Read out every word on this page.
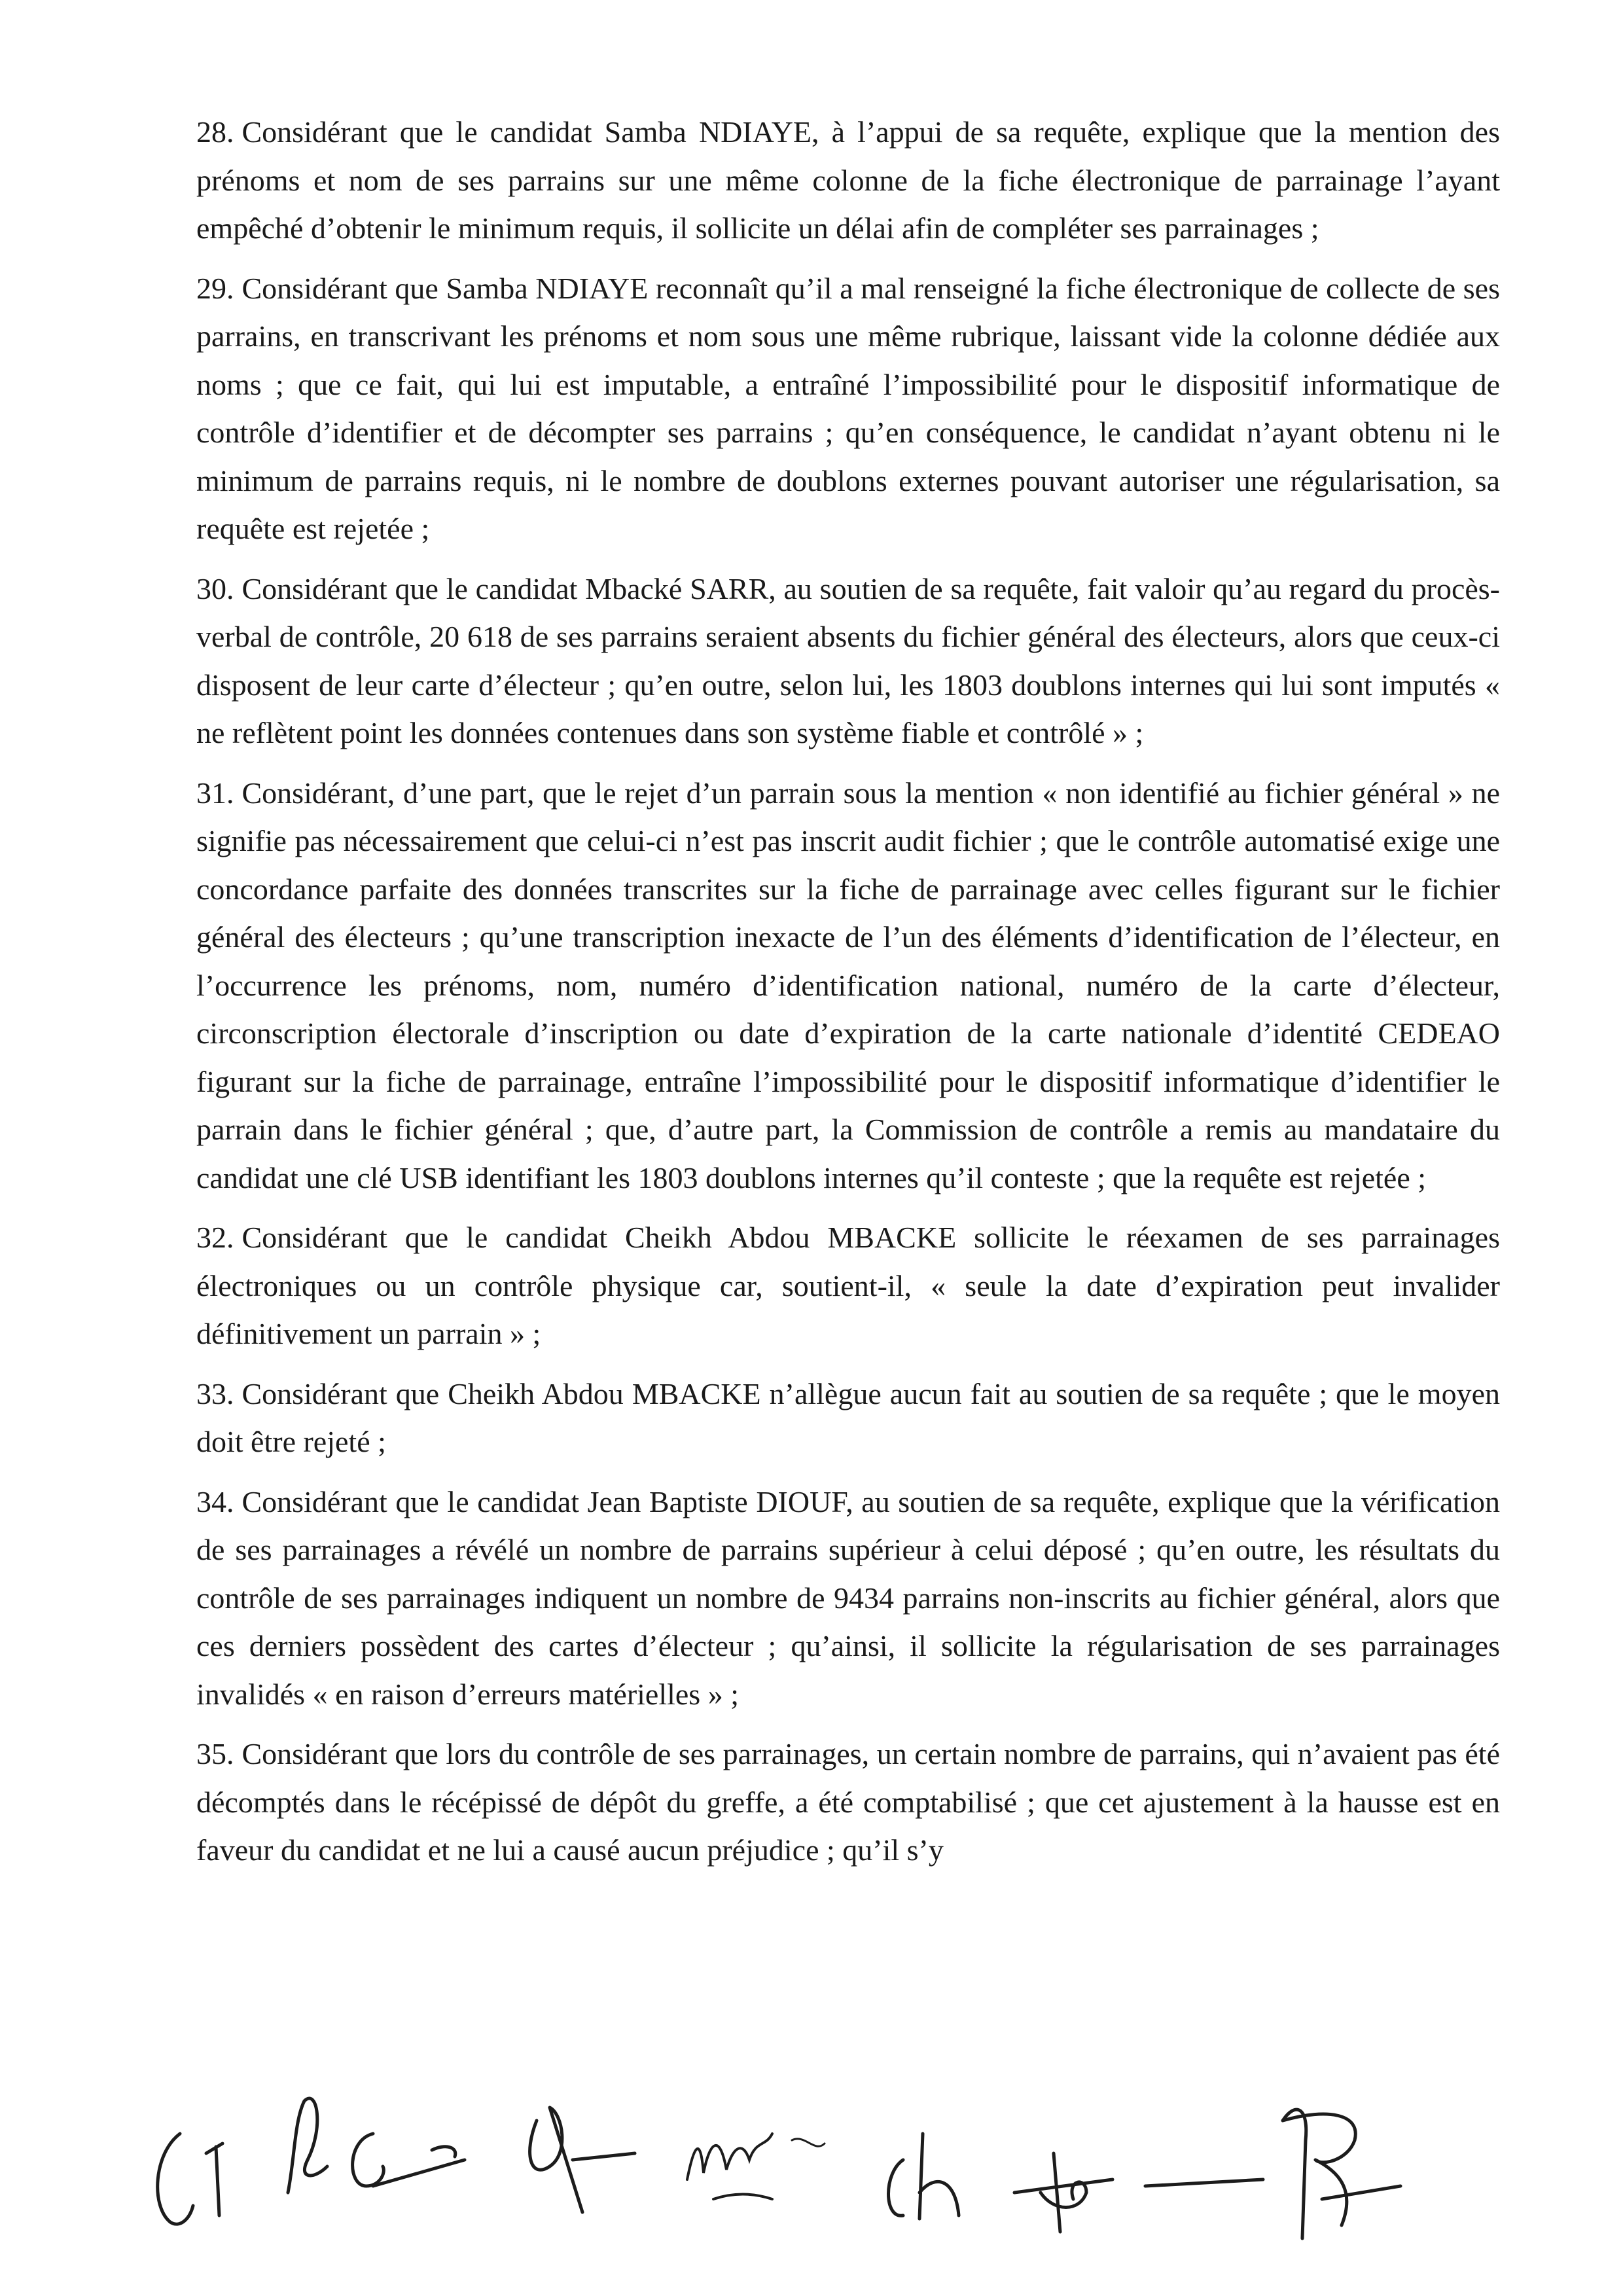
28. Considérant que le candidat Samba NDIAYE, à l’appui de sa requête, explique que la mention des prénoms et nom de ses parrains sur une même colonne de la fiche électronique de parrainage l’ayant empêché d’obtenir le minimum requis, il sollicite un délai afin de compléter ses parrainages ;

29. Considérant que Samba NDIAYE reconnaît qu’il a mal renseigné la fiche électronique de collecte de ses parrains, en transcrivant les prénoms et nom sous une même rubrique, laissant vide la colonne dédiée aux noms ; que ce fait, qui lui est imputable, a entraîné l’impossibilité pour le dispositif informatique de contrôle d’identifier et de décompter ses parrains ; qu’en conséquence, le candidat n’ayant obtenu ni le minimum de parrains requis, ni le nombre de doublons externes pouvant autoriser une régularisation, sa requête est rejetée ;

30. Considérant que le candidat Mbacké SARR, au soutien de sa requête, fait valoir qu’au regard du procès-verbal de contrôle, 20 618 de ses parrains seraient absents du fichier général des électeurs, alors que ceux-ci disposent de leur carte d’électeur ; qu’en outre, selon lui, les 1803 doublons internes qui lui sont imputés « ne reflètent point les données contenues dans son système fiable et contrôlé » ;

31. Considérant, d’une part, que le rejet d’un parrain sous la mention « non identifié au fichier général » ne signifie pas nécessairement que celui-ci n’est pas inscrit audit fichier ; que le contrôle automatisé exige une concordance parfaite des données transcrites sur la fiche de parrainage avec celles figurant sur le fichier général des électeurs ; qu’une transcription inexacte de l’un des éléments d’identification de l’électeur, en l’occurrence les prénoms, nom, numéro d’identification national, numéro de la carte d’électeur, circonscription électorale d’inscription ou date d’expiration de la carte nationale d’identité CEDEAO figurant sur la fiche de parrainage, entraîne l’impossibilité pour le dispositif informatique d’identifier le parrain dans le fichier général ; que, d’autre part, la Commission de contrôle a remis au mandataire du candidat une clé USB identifiant les 1803 doublons internes qu’il conteste ; que la requête est rejetée ;

32. Considérant que le candidat Cheikh Abdou MBACKE sollicite le réexamen de ses parrainages électroniques ou un contrôle physique car, soutient-il, « seule la date d’expiration peut invalider définitivement un parrain » ;

33. Considérant que Cheikh Abdou MBACKE n’allègue aucun fait au soutien de sa requête ; que le moyen doit être rejeté ;

34. Considérant que le candidat Jean Baptiste DIOUF, au soutien de sa requête, explique que la vérification de ses parrainages a révélé un nombre de parrains supérieur à celui déposé ; qu’en outre, les résultats du contrôle de ses parrainages indiquent un nombre de 9434 parrains non-inscrits au fichier général, alors que ces derniers possèdent des cartes d’électeur ; qu’ainsi, il sollicite la régularisation de ses parrainages invalidés « en raison d’erreurs matérielles » ;

35. Considérant que lors du contrôle de ses parrainages, un certain nombre de parrains, qui n’avaient pas été décomptés dans le récépissé de dépôt du greffe, a été comptabilisé ; que cet ajustement à la hausse est en faveur du candidat et ne lui a causé aucun préjudice ; qu’il s’y
